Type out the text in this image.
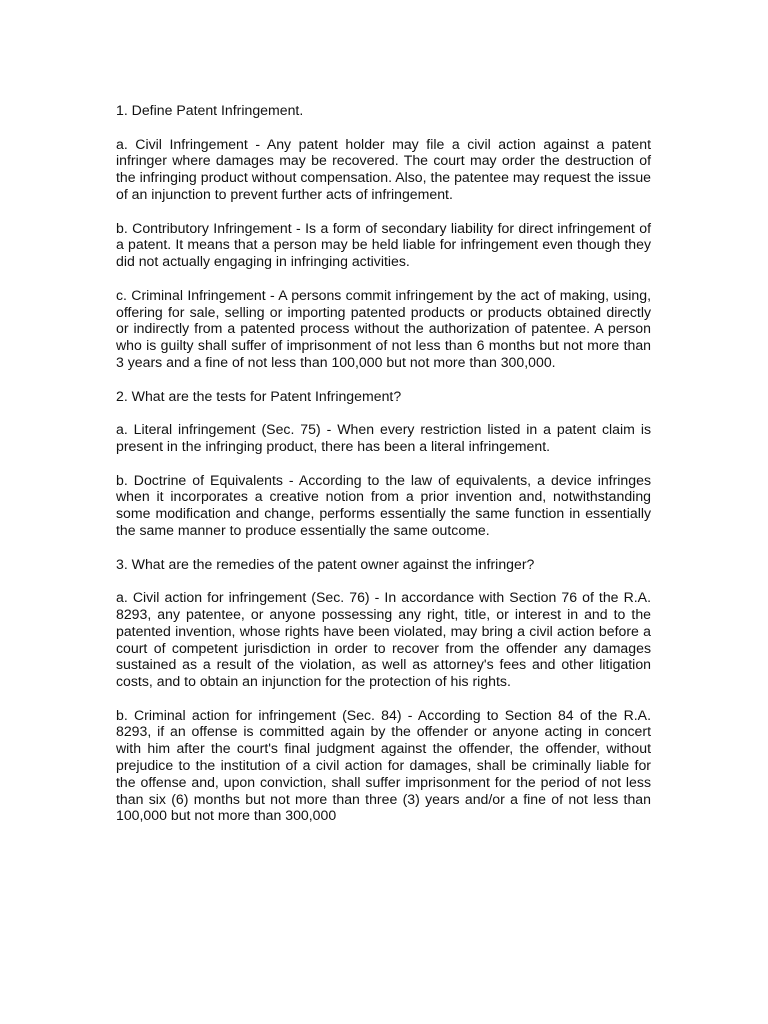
1. Define Patent Infringement.

a. Civil Infringement - Any patent holder may file a civil action against a patent infringer where damages may be recovered. The court may order the destruction of the infringing product without compensation. Also, the patentee may request the issue of an injunction to prevent further acts of infringement.

b. Contributory Infringement - Is a form of secondary liability for direct infringement of a patent. It means that a person may be held liable for infringement even though they did not actually engaging in infringing activities.

c. Criminal Infringement - A persons commit infringement by the act of making, using, offering for sale, selling or importing patented products or products obtained directly or indirectly from a patented process without the authorization of patentee. A person who is guilty shall suffer of imprisonment of not less than 6 months but not more than 3 years and a fine of not less than 100,000 but not more than 300,000.

2. What are the tests for Patent Infringement?

a. Literal infringement (Sec. 75) - When every restriction listed in a patent claim is present in the infringing product, there has been a literal infringement.

b. Doctrine of Equivalents - According to the law of equivalents, a device infringes when it incorporates a creative notion from a prior invention and, notwithstanding some modification and change, performs essentially the same function in essentially the same manner to produce essentially the same outcome.

3. What are the remedies of the patent owner against the infringer?

a. Civil action for infringement (Sec. 76) - In accordance with Section 76 of the R.A. 8293, any patentee, or anyone possessing any right, title, or interest in and to the patented invention, whose rights have been violated, may bring a civil action before a court of competent jurisdiction in order to recover from the offender any damages sustained as a result of the violation, as well as attorney's fees and other litigation costs, and to obtain an injunction for the protection of his rights.

b. Criminal action for infringement (Sec. 84) - According to Section 84 of the R.A. 8293, if an offense is committed again by the offender or anyone acting in concert with him after the court's final judgment against the offender, the offender, without prejudice to the institution of a civil action for damages, shall be criminally liable for the offense and, upon conviction, shall suffer imprisonment for the period of not less than six (6) months but not more than three (3) years and/or a fine of not less than 100,000 but not more than 300,000
